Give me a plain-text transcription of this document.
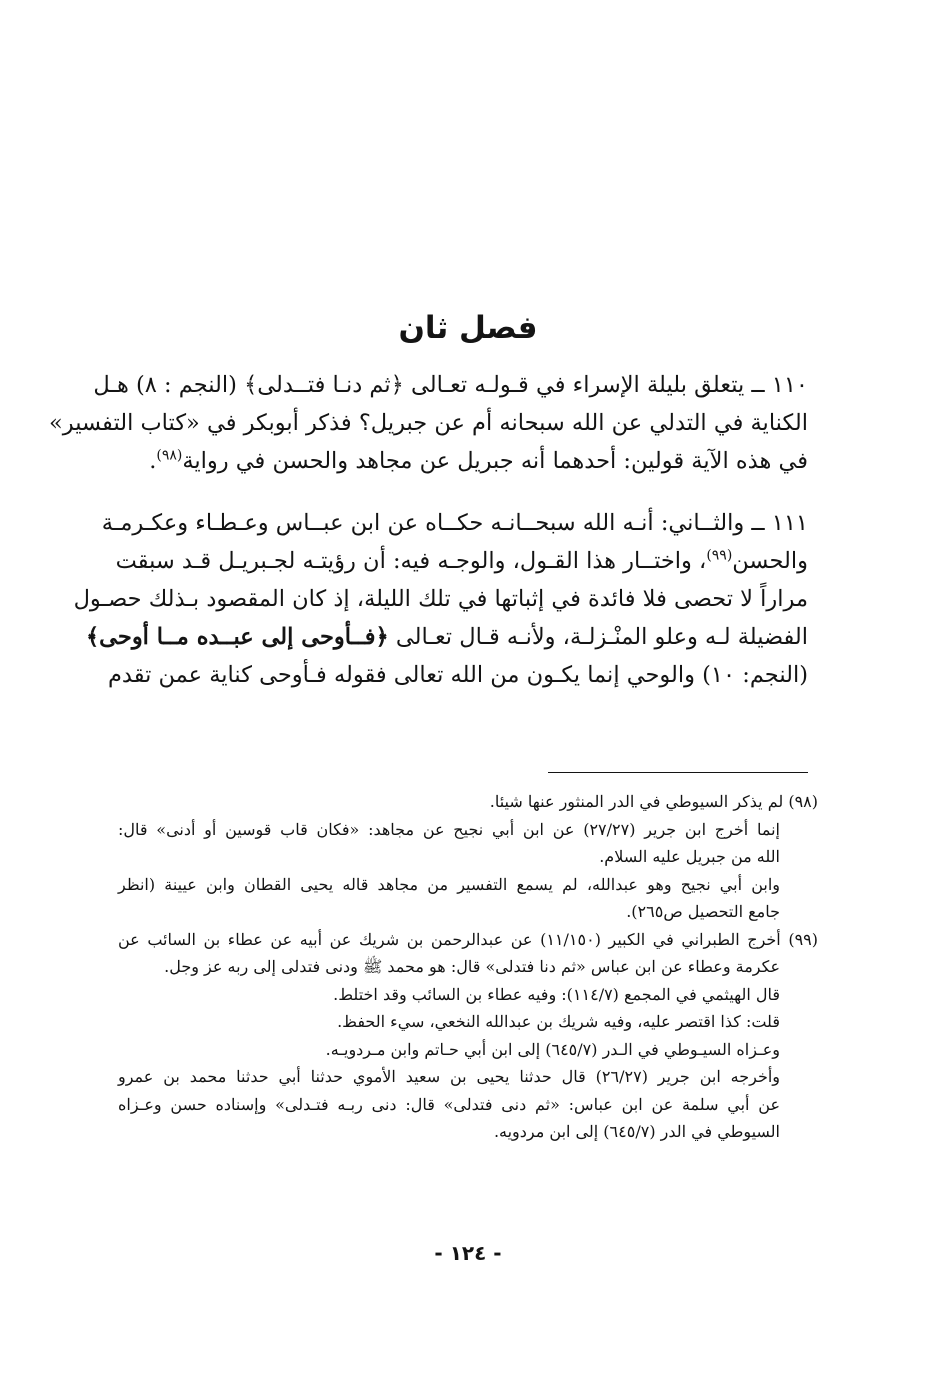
فصل ثان
١١٠ ــ يتعلق بليلة الإسراء في قـولـه تعـالى ﴿ثم دنـا فتــدلى﴾ (النجم : ٨) هـل
الكناية في التدلي عن الله سبحانه أم عن جبريل؟ فذكر أبوبكر في «كتاب التفسير»
في هذه الآية قولين: أحدهما أنه جبريل عن مجاهد والحسن في رواية$^{(٩٨)}$.
١١١ ــ والثــاني: أنـه الله سبحــانـه حكــاه عن ابن عبــاس وعـطـاء وعكـرمـة
والحسن$^{(٩٩)}$، واختــار هذا القـول، والوجـه فيه: أن رؤيتـه لجـبريـل قـد سبقت
مراراً لا تحصى فلا فائدة في إثباتها في تلك الليلة، إذ كان المقصود بـذلك حصـول
الفضيلة لـه وعلو المنْـزلـة، ولأنـه قـال تعـالى ﴿فــأوحى إلى عبــده مــا أوحى﴾
(النجم: ١٠) والوحي إنما يكـون من الله تعالى فقوله فـأوحى كناية عمن تقدم
(٩٨) لم يذكر السيوطي في الدر المنثور عنها شيئا.
إنما أخرج ابن جرير (٢٧/٢٧) عن ابن أبي نجيح عن مجاهد: «فكان قاب قوسين أو أدنى» قال:
الله من جبريل عليه السلام.
وابن أبي نجيح وهو عبدالله، لم يسمع التفسير من مجاهد قاله يحيى القطان وابن عيينة (انظر
جامع التحصيل ص٢٦٥).
(٩٩) أخرج الطبراني في الكبير (١١/١٥٠) عن عبدالرحمن بن شريك عن أبيه عن عطاء بن السائب عن
عكرمة وعطاء عن ابن عباس «ثم دنا فتدلى» قال: هو محمد ﷺ ودنى فتدلى إلى ربه عز وجل.
قال الهيثمي في المجمع (١١٤/٧): وفيه عطاء بن السائب وقد اختلط.
قلت: كذا اقتصر عليه، وفيه شريك بن عبدالله النخعي، سيء الحفظ.
وعـزاه السيـوطي في الـدر (٦٤٥/٧) إلى ابن أبي حـاتم وابن مـردويـه.
وأخرجه ابن جرير (٢٦/٢٧) قال حدثنا يحيى بن سعيد الأموي حدثنا أبي حدثنا محمد بن عمرو
عن أبي سلمة عن ابن عباس: «ثم دنى فتدلى» قال: دنى ربـه فتـدلى» وإسناده حسن وعـزاه
السيوطي في الدر (٦٤٥/٧) إلى ابن مردويه.
- ١٢٤ -
